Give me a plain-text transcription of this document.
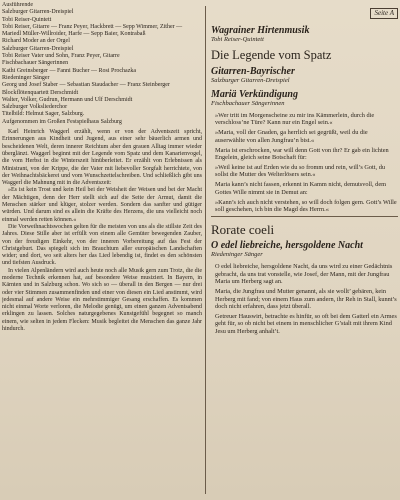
Ausführende

Salzburger Gitarren-Dreispiel

Tobi Reiser-Quintett

Tobi Reiser, Gitarre — Franz Peyer, Hackbrett — Sepp Wimmer, Zither — Mariedl Müller-Willroider, Harfe — Sepp Baier, Kontrabaß

Richard Moder an der Orgel

Salzburger Gitarren-Dreispiel

Tobi Reiser Vater und Sohn, Franz Peyer, Gitarre

Fischbachauer Sängerinnen

Kathi Greinsberger — Fanni Bucher — Rosi Prochazka

Riedeninger Sänger

Georg und Josef Staber — Sebastian Staudacher — Franz Steinberger

Blockflötenquartett Derschmidt

Walter, Volker, Gudrun, Hermann und Ulf Derschmidt

Salzburger Volksliederchor

Titelbild: Helmut Sager, Salzburg.

Aufgenommen im Großen Festspielhaus Salzburg

Karl Heinrich Waggerl erzählt, wenn er von der Adventszeit spricht, Erinnerungen aus Kindheit und Jugend, aus einer sehr bäuerlich armen und bescheidenen Welt, deren innerer Reichtum aber den grauen Alltag immer wieder überglänzt. Waggerl beginnt mit der Legende vom Spatz und dem Kanarienvogel, die vom Herbst in die Winterszeit hinüberleitet. Er erzählt von Erlebnissen als Ministrant, von der Krippe, die der Vater mit liebevoller Sorgfalt herrichtete, von der Weihnachtsbäckerei und vom Wunschzettelschreiben. Und schließlich gibt uns Waggerl die Mahnung mit in die Adventszeit:

»Es ist kein Trost und kein Heil bei der Weisheit der Weisen und bei der Macht der Mächtigen, denn der Herr stellt sich auf die Seite der Armut, damit die Menschen stärker und klüger, stolzer werden. Sondern das sanfter und gütiger würden. Und darum sind es allein die Kräfte des Herzens, die uns vielleicht noch einmal werden retten können.«

Die Vorweihnachtswochen gelten für die meisten von uns als die stillste Zeit des Jahres. Diese Stille aber ist erfüllt von einem alle Gemüter bewegenden Zauber, von der freudigen Einkehr, von der inneren Vorbereitung auf das Fest der Christgeburt. Das spiegelt sich im Brauchtum aller europäischen Landschaften wider; und dort, wo seit alters her das Lied lebendig ist, findet es den schönsten und tiefsten Ausdruck.

In vielen Alpenländern wird auch heute noch alle Musik gern zum Trotz, die die moderne Technik erkennen hat, auf besondere Weise musiziert. In Bayern, in Kärnten und in Salzburg schon. Wo sich so — überall in den Bergen — nur drei oder vier Stimmen zusammenfinden und einer von diesen ein Lied anstimmt, wird jedesmal auf andere Weise ein mehrstimmiger Gesang erschaffen. Es kommen nicht einmal Worte verloren, die Melodie genügt, um einen ganzen Adventsabend erklingen zu lassen. Solches naturgegebenes Kunstgefühl begegnet so manch einem, wie selten in jedem Flecken: Musik begleitet die Menschen das ganze Jahr hindurch.

Seite A

Wagrainer Hirtenmusik

Tobi Reiser-Quintett

Die Legende vom Spatz

Gitarren-Bayrischer

Salzburger Gitarren-Dreispiel

Mariä Verkündigung

Fischbachauer Sängerinnen

»Wer tritt im Morgenscheine zu mir ins Kämmerlein, durch die verschloss’ne Türe? Kann nur ein Engel sein.«

»Maria, voll der Gnaden, ga herrlich sei gegrüßt, weil du die auserwählte von allen Jungfrau’n bist.«

Maria ist erschrocken, war will denn Gott von ihr? Er gab ein lichten Engelein, gleich seine Botschaft für:

»Weil keine ist auf Erden wie du so fromm und rein, will’s Gott, du sollst die Mutter des Welterlösers sein.«

Maria kann’s nicht fassen, erkennt in Kamm nicht, demutsvoll, dem Gottes Wille nimmt sie in Demut an:

»Kann’s ich auch nicht verstehen, so will doch folgen gern. Gott’s Wille soll geschehen, ich bin die Magd des Herrn.«

Rorate coeli

O edel liebreiche, hersgoldene Nacht

Riedeninger Sänger

O edel liebreiche, hersgoldene Nacht, da uns wird zu einer Gedächtnis gebracht, da uns trat vonstelle, wie Josef, der Mann, mit der Jungfrau Maria um Herberg sagt an.

Maria, die Jungfrau und Mutter genannt, als sie wollt’ gebären, kein Herberg mit fand; von einem Haus zum andern, ihr Reh in Stall, kunnt’s doch nicht erfahren, dass jetzt überall.

Getreuer Hauswirt, betrachte es hinfür, so oft bei dem Gatterl ein Armes geht für, so ob nicht bei einem in menschlicher G’stalt mit ihrem Kind Jesu um Herberg anhalt’t.
